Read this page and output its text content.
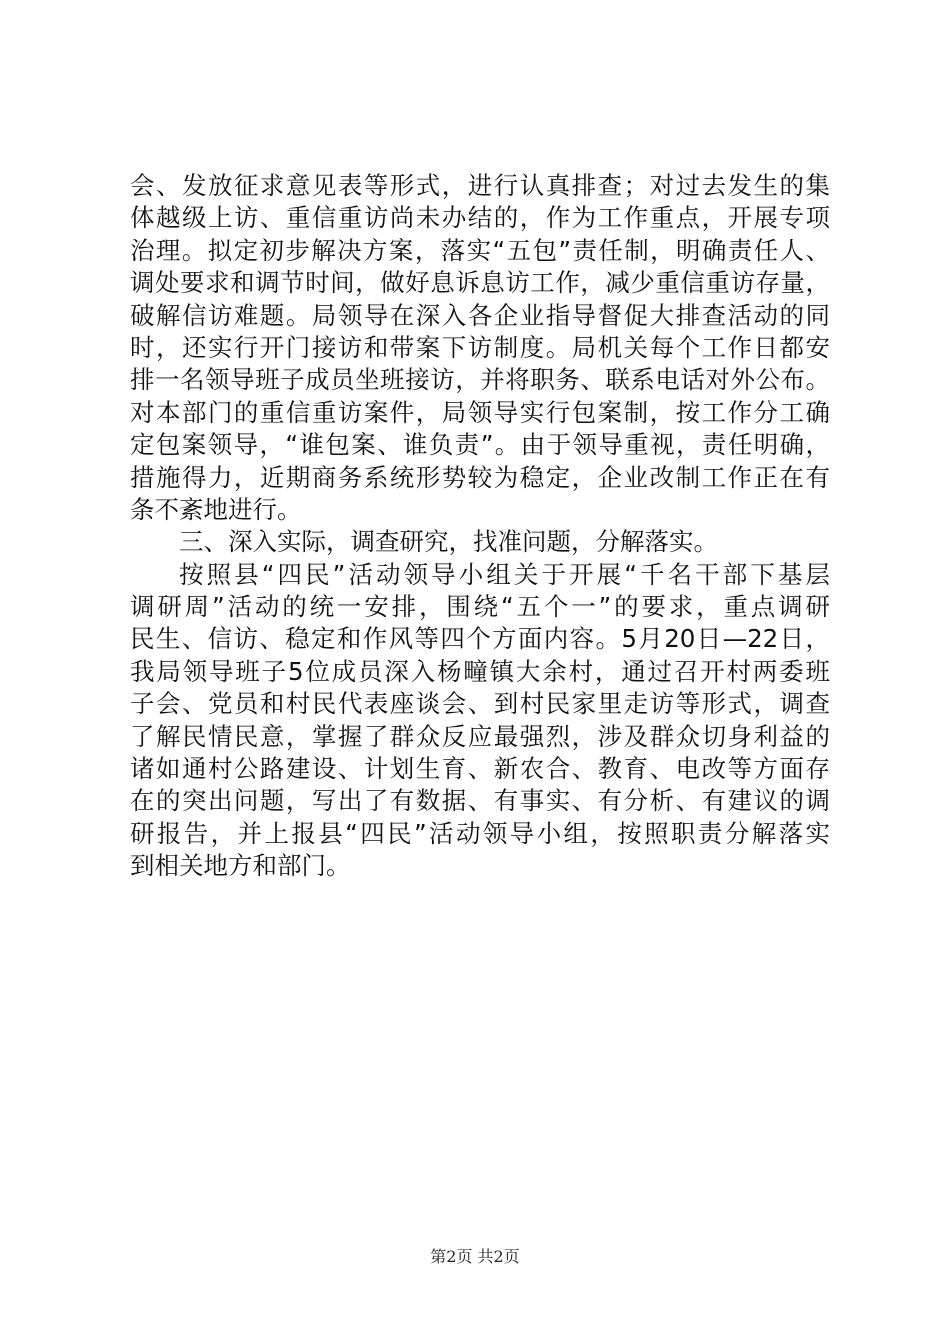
会、发放征求意见表等形式，进行认真排查；对过去发生的集
体越级上访、重信重访尚未办结的，作为工作重点，开展专项
治理。拟定初步解决方案，落实“五包”责任制，明确责任人、
调处要求和调节时间，做好息诉息访工作，减少重信重访存量，
破解信访难题。局领导在深入各企业指导督促大排查活动的同
时，还实行开门接访和带案下访制度。局机关每个工作日都安
排一名领导班子成员坐班接访，并将职务、联系电话对外公布。
对本部门的重信重访案件，局领导实行包案制，按工作分工确
定包案领导，“谁包案、谁负责”。由于领导重视，责任明确，
措施得力，近期商务系统形势较为稳定，企业改制工作正在有
条不紊地进行。
三、深入实际，调查研究，找准问题，分解落实。
按照县“四民”活动领导小组关于开展“千名干部下基层
调研周”活动的统一安排，围绕“五个一”的要求，重点调研
民生、信访、稳定和作风等四个方面内容。5月20日—22日，
我局领导班子5位成员深入杨疃镇大余村，通过召开村两委班
子会、党员和村民代表座谈会、到村民家里走访等形式，调查
了解民情民意，掌握了群众反应最强烈，涉及群众切身利益的
诸如通村公路建设、计划生育、新农合、教育、电改等方面存
在的突出问题，写出了有数据、有事实、有分析、有建议的调
研报告，并上报县“四民”活动领导小组，按照职责分解落实
到相关地方和部门。
第2页 共2页
